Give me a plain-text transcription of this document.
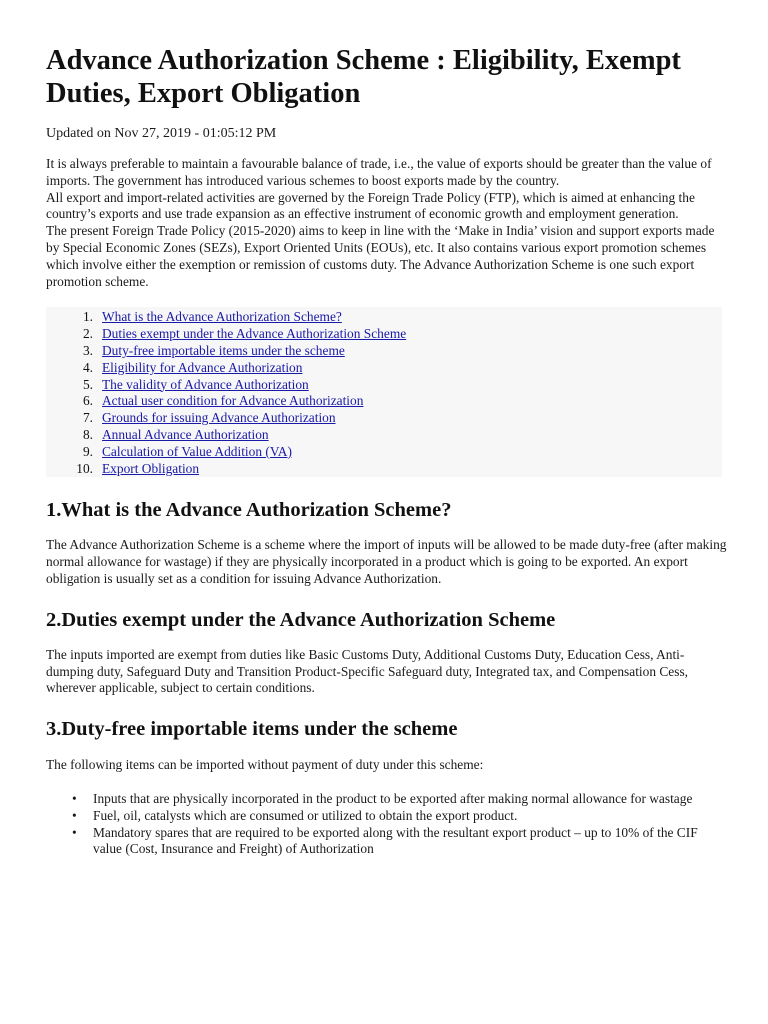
Advance Authorization Scheme : Eligibility, Exempt Duties, Export Obligation
Updated on Nov 27, 2019 - 01:05:12 PM

It is always preferable to maintain a favourable balance of trade, i.e., the value of exports should be greater than the value of imports. The government has introduced various schemes to boost exports made by the country.

All export and import-related activities are governed by the Foreign Trade Policy (FTP), which is aimed at enhancing the country’s exports and use trade expansion as an effective instrument of economic growth and employment generation.

The present Foreign Trade Policy (2015-2020) aims to keep in line with the ‘Make in India’ vision and support exports made by Special Economic Zones (SEZs), Export Oriented Units (EOUs), etc. It also contains various export promotion schemes which involve either the exemption or remission of customs duty. The Advance Authorization Scheme is one such export promotion scheme.

1. What is the Advance Authorization Scheme?
2. Duties exempt under the Advance Authorization Scheme
3. Duty-free importable items under the scheme
4. Eligibility for Advance Authorization
5. The validity of Advance Authorization
6. Actual user condition for Advance Authorization
7. Grounds for issuing Advance Authorization
8. Annual Advance Authorization
9. Calculation of Value Addition (VA)
10. Export Obligation
1.What is the Advance Authorization Scheme?

The Advance Authorization Scheme is a scheme where the import of inputs will be allowed to be made duty-free (after making normal allowance for wastage) if they are physically incorporated in a product which is going to be exported. An export obligation is usually set as a condition for issuing Advance Authorization.

2.Duties exempt under the Advance Authorization Scheme

The inputs imported are exempt from duties like Basic Customs Duty, Additional Customs Duty, Education Cess, Anti-dumping duty, Safeguard Duty and Transition Product-Specific Safeguard duty, Integrated tax, and Compensation Cess, wherever applicable, subject to certain conditions.

3.Duty-free importable items under the scheme

The following items can be imported without payment of duty under this scheme:

• Inputs that are physically incorporated in the product to be exported after making normal allowance for wastage
• Fuel, oil, catalysts which are consumed or utilized to obtain the export product.
• Mandatory spares that are required to be exported along with the resultant export product – up to 10% of the CIF value (Cost, Insurance and Freight) of Authorization
